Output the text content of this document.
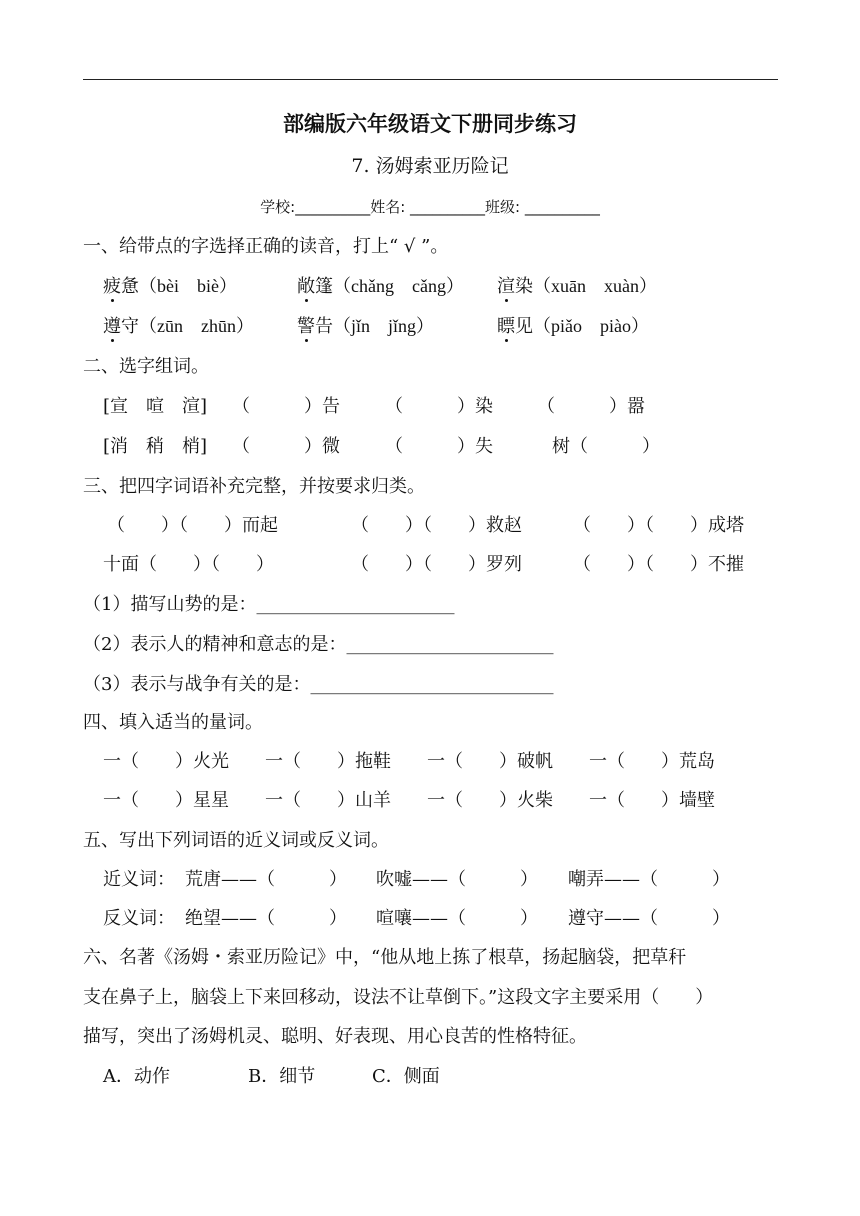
部编版六年级语文下册同步练习
7. 汤姆索亚历险记
学校:__________姓名: __________班级: __________
一、给带点的字选择正确的读音，打上“ √ ”。
疲惫（bèi　biè）	敞篷（chǎng　cǎng） 渲染（xuān　xuàn）
遵守（zūn　zhūn） 警告（jǐn　jǐng）	瞟见（piǎo　piào）
二、选字组词。
[宣　喧　渲] （　　　）告	（　　　）染 （　　　）嚣
[消　稍　梢] （　　　）微	（　　　）失	树（　　　）
三、把四字词语补充完整，并按要求归类。
（　　）（　　）而起	（　　）（　　）救赵	（　　）（　　）成塔
十面（　　）（　　）	（　　）（　　）罗列	（　　）（　　）不摧
（1）描写山势的是：______________________
（2）表示人的精神和意志的是：_______________________
（3）表示与战争有关的是：___________________________
四、填入适当的量词。
一（　　）火光 一（　　）拖鞋 一（　　）破帆 一（　　）荒岛
一（　　）星星 一（　　）山羊 一（　　）火柴 一（　　）墙壁
五、写出下列词语的近义词或反义词。
近义词： 荒唐——（　　　） 吹嘘——（　　　） 嘲弄——（　　　）
反义词： 绝望——（　　　） 喧嚷——（　　　） 遵守——（　　　）
六、名著《汤姆・索亚历险记》中，“他从地上拣了根草，扬起脑袋，把草秆
支在鼻子上，脑袋上下来回移动，设法不让草倒下。”这段文字主要采用（　　）
描写，突出了汤姆机灵、聪明、好表现、用心良苦的性格特征。
A．动作	B．细节	C．侧面
